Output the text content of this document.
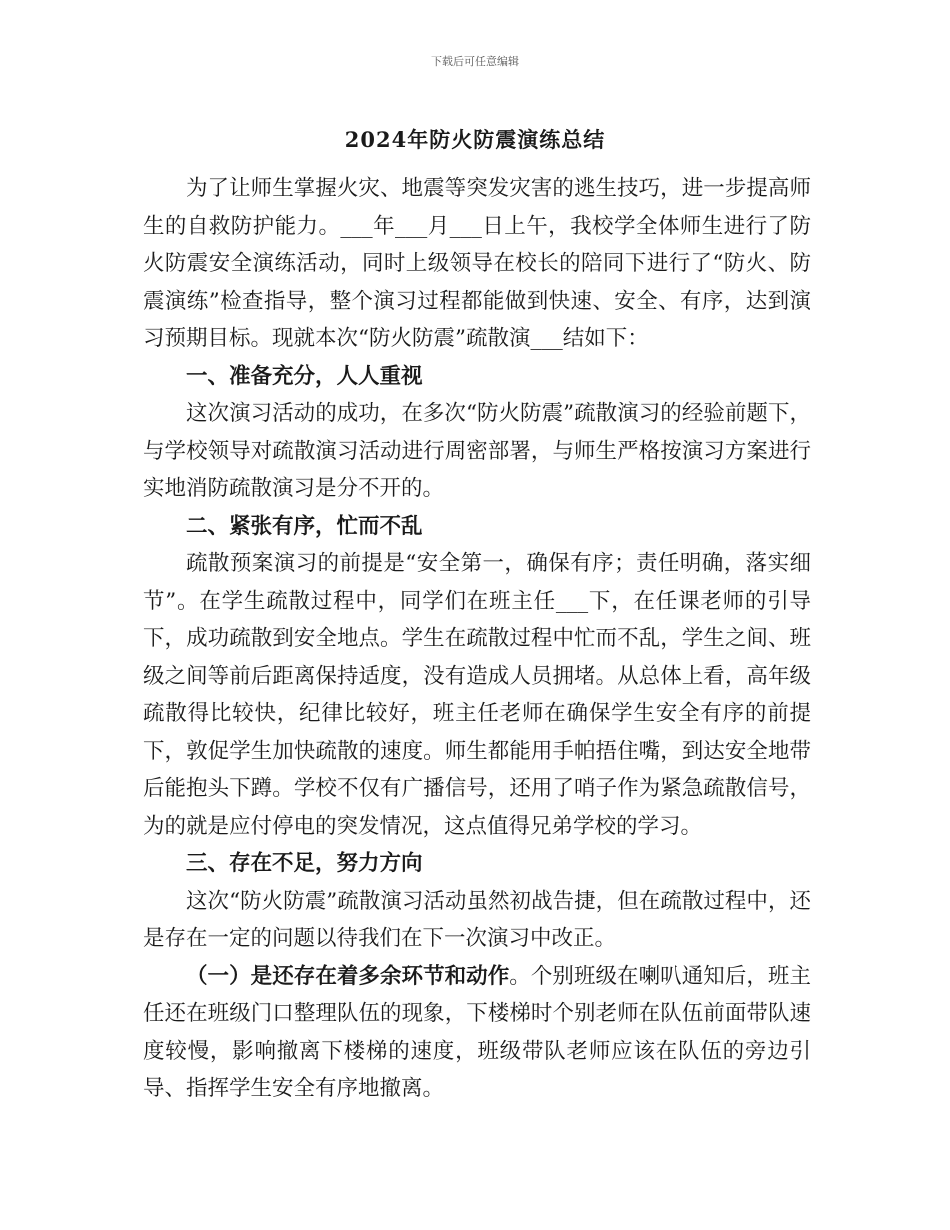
下载后可任意编辑
2024年防火防震演练总结

为了让师生掌握火灾、地震等突发灾害的逃生技巧，进一步提高师生的自救防护能力。___年___月___日上午，我校学全体师生进行了防火防震安全演练活动，同时上级领导在校长的陪同下进行了“防火、防震演练”检查指导，整个演习过程都能做到快速、安全、有序，达到演习预期目标。现就本次“防火防震”疏散演___结如下：

一、准备充分，人人重视

这次演习活动的成功，在多次“防火防震”疏散演习的经验前题下，与学校领导对疏散演习活动进行周密部署，与师生严格按演习方案进行实地消防疏散演习是分不开的。

二、紧张有序，忙而不乱

疏散预案演习的前提是“安全第一，确保有序；责任明确，落实细节”。在学生疏散过程中，同学们在班主任___下，在任课老师的引导下，成功疏散到安全地点。学生在疏散过程中忙而不乱，学生之间、班级之间等前后距离保持适度，没有造成人员拥堵。从总体上看，高年级疏散得比较快，纪律比较好，班主任老师在确保学生安全有序的前提下，敦促学生加快疏散的速度。师生都能用手帕捂住嘴，到达安全地带后能抱头下蹲。学校不仅有广播信号，还用了哨子作为紧急疏散信号，为的就是应付停电的突发情况，这点值得兄弟学校的学习。

三、存在不足，努力方向

这次“防火防震”疏散演习活动虽然初战告捷，但在疏散过程中，还是存在一定的问题以待我们在下一次演习中改正。

（一）是还存在着多余环节和动作。个别班级在喇叭通知后，班主任还在班级门口整理队伍的现象，下楼梯时个别老师在队伍前面带队速度较慢，影响撤离下楼梯的速度，班级带队老师应该在队伍的旁边引导、指挥学生安全有序地撤离。
